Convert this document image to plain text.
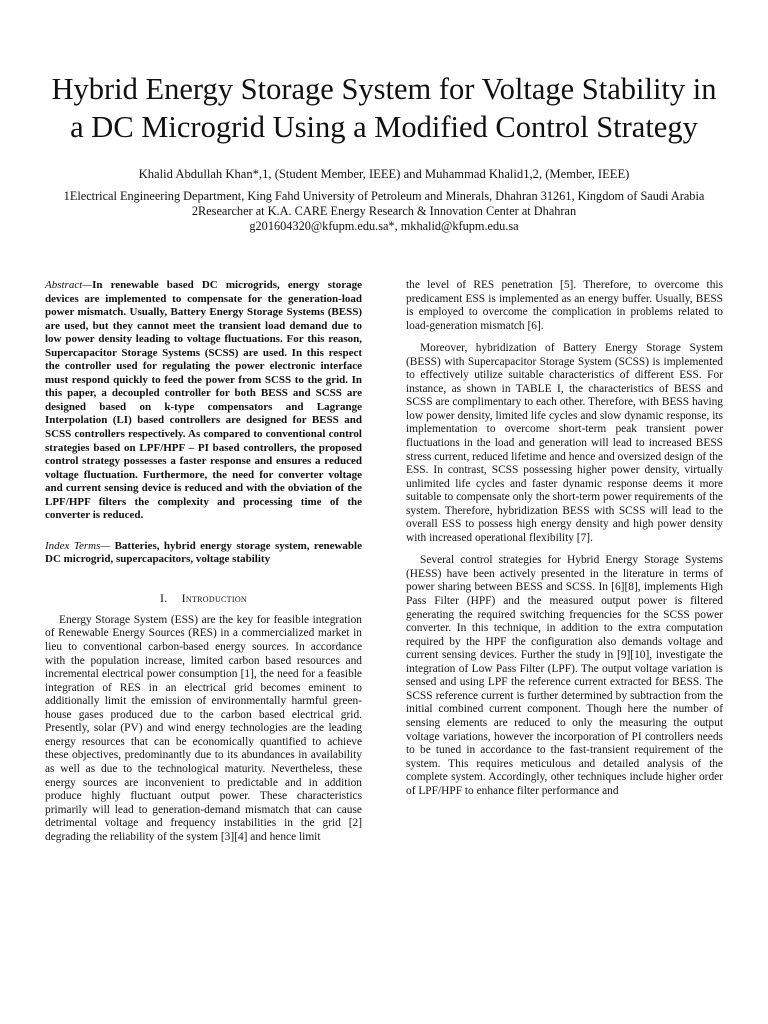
Hybrid Energy Storage System for Voltage Stability in
a DC Microgrid Using a Modified Control Strategy
Khalid Abdullah Khan*,1, (Student Member, IEEE) and Muhammad Khalid1,2, (Member, IEEE)
1Electrical Engineering Department, King Fahd University of Petroleum and Minerals, Dhahran 31261, Kingdom of Saudi Arabia
2Researcher at K.A. CARE Energy Research & Innovation Center at Dhahran
g201604320@kfupm.edu.sa*, mkhalid@kfupm.edu.sa

Abstract—In renewable based DC microgrids, energy storage devices are implemented to compensate for the generation-load power mismatch. Usually, Battery Energy Storage Systems (BESS) are used, but they cannot meet the transient load demand due to low power density leading to voltage fluctuations. For this reason, Supercapacitor Storage Systems (SCSS) are used. In this respect the controller used for regulating the power electronic interface must respond quickly to feed the power from SCSS to the grid. In this paper, a decoupled controller for both BESS and SCSS are designed based on k-type compensators and Lagrange Interpolation (LI) based controllers are designed for BESS and SCSS controllers respectively. As compared to conventional control strategies based on LPF/HPF – PI based controllers, the proposed control strategy possesses a faster response and ensures a reduced voltage fluctuation. Furthermore, the need for converter voltage and current sensing device is reduced and with the obviation of the LPF/HPF filters the complexity and processing time of the converter is reduced.

Index Terms— Batteries, hybrid energy storage system, renewable DC microgrid, supercapacitors, voltage stability

I. Introduction

Energy Storage System (ESS) are the key for feasible integration of Renewable Energy Sources (RES) in a commercialized market in lieu to conventional carbon-based energy sources. In accordance with the population increase, limited carbon based resources and incremental electrical power consumption [1], the need for a feasible integration of RES in an electrical grid becomes eminent to additionally limit the emission of environmentally harmful green-house gases produced due to the carbon based electrical grid. Presently, solar (PV) and wind energy technologies are the leading energy resources that can be economically quantified to achieve these objectives, predominantly due to its abundances in availability as well as due to the technological maturity. Nevertheless, these energy sources are inconvenient to predictable and in addition produce highly fluctuant output power. These characteristics primarily will lead to generation-demand mismatch that can cause detrimental voltage and frequency instabilities in the grid [2] degrading the reliability of the system [3][4] and hence limit

the level of RES penetration [5]. Therefore, to overcome this predicament ESS is implemented as an energy buffer. Usually, BESS is employed to overcome the complication in problems related to load-generation mismatch [6].

Moreover, hybridization of Battery Energy Storage System (BESS) with Supercapacitor Storage System (SCSS) is implemented to effectively utilize suitable characteristics of different ESS. For instance, as shown in TABLE I, the characteristics of BESS and SCSS are complimentary to each other. Therefore, with BESS having low power density, limited life cycles and slow dynamic response, its implementation to overcome short-term peak transient power fluctuations in the load and generation will lead to increased BESS stress current, reduced lifetime and hence and oversized design of the ESS. In contrast, SCSS possessing higher power density, virtually unlimited life cycles and faster dynamic response deems it more suitable to compensate only the short-term power requirements of the system. Therefore, hybridization BESS with SCSS will lead to the overall ESS to possess high energy density and high power density with increased operational flexibility [7].

Several control strategies for Hybrid Energy Storage Systems (HESS) have been actively presented in the literature in terms of power sharing between BESS and SCSS. In [6][8], implements High Pass Filter (HPF) and the measured output power is filtered generating the required switching frequencies for the SCSS power converter. In this technique, in addition to the extra computation required by the HPF the configuration also demands voltage and current sensing devices. Further the study in [9][10], investigate the integration of Low Pass Filter (LPF). The output voltage variation is sensed and using LPF the reference current extracted for BESS. The SCSS reference current is further determined by subtraction from the initial combined current component. Though here the number of sensing elements are reduced to only the measuring the output voltage variations, however the incorporation of PI controllers needs to be tuned in accordance to the fast-transient requirement of the system. This requires meticulous and detailed analysis of the complete system. Accordingly, other techniques include higher order of LPF/HPF to enhance filter performance and
